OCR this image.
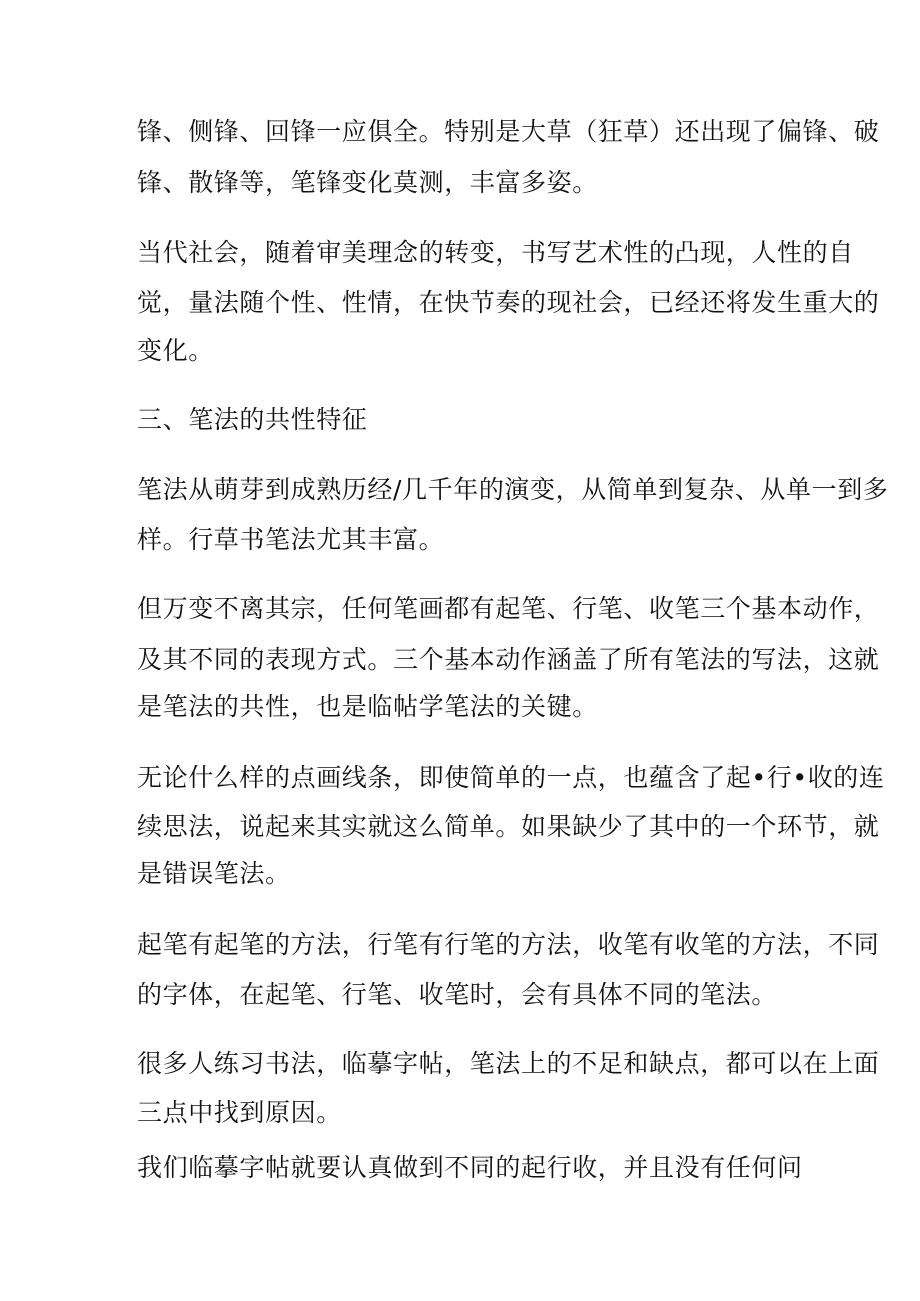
锋、侧锋、回锋一应俱全。特别是大草（狂草）还出现了偏锋、破
锋、散锋等，笔锋变化莫测，丰富多姿。
当代社会，随着审美理念的转变，书写艺术性的凸现，人性的自
觉，量法随个性、性情，在快节奏的现社会，已经还将发生重大的
变化。
三、笔法的共性特征
笔法从萌芽到成熟历经/几千年的演变，从简单到复杂、从单一到多
样。行草书笔法尤其丰富。
但万变不离其宗，任何笔画都有起笔、行笔、收笔三个基本动作，
及其不同的表现方式。三个基本动作涵盖了所有笔法的写法，这就
是笔法的共性，也是临帖学笔法的关键。
无论什么样的点画线条，即使简单的一点，也蕴含了起•行•收的连
续思法，说起来其实就这么简单。如果缺少了其中的一个环节，就
是错误笔法。
起笔有起笔的方法，行笔有行笔的方法，收笔有收笔的方法，不同
的字体，在起笔、行笔、收笔时，会有具体不同的笔法。
很多人练习书法，临摹字帖，笔法上的不足和缺点，都可以在上面
三点中找到原因。
我们临摹字帖就要认真做到不同的起行收，并且没有任何问
